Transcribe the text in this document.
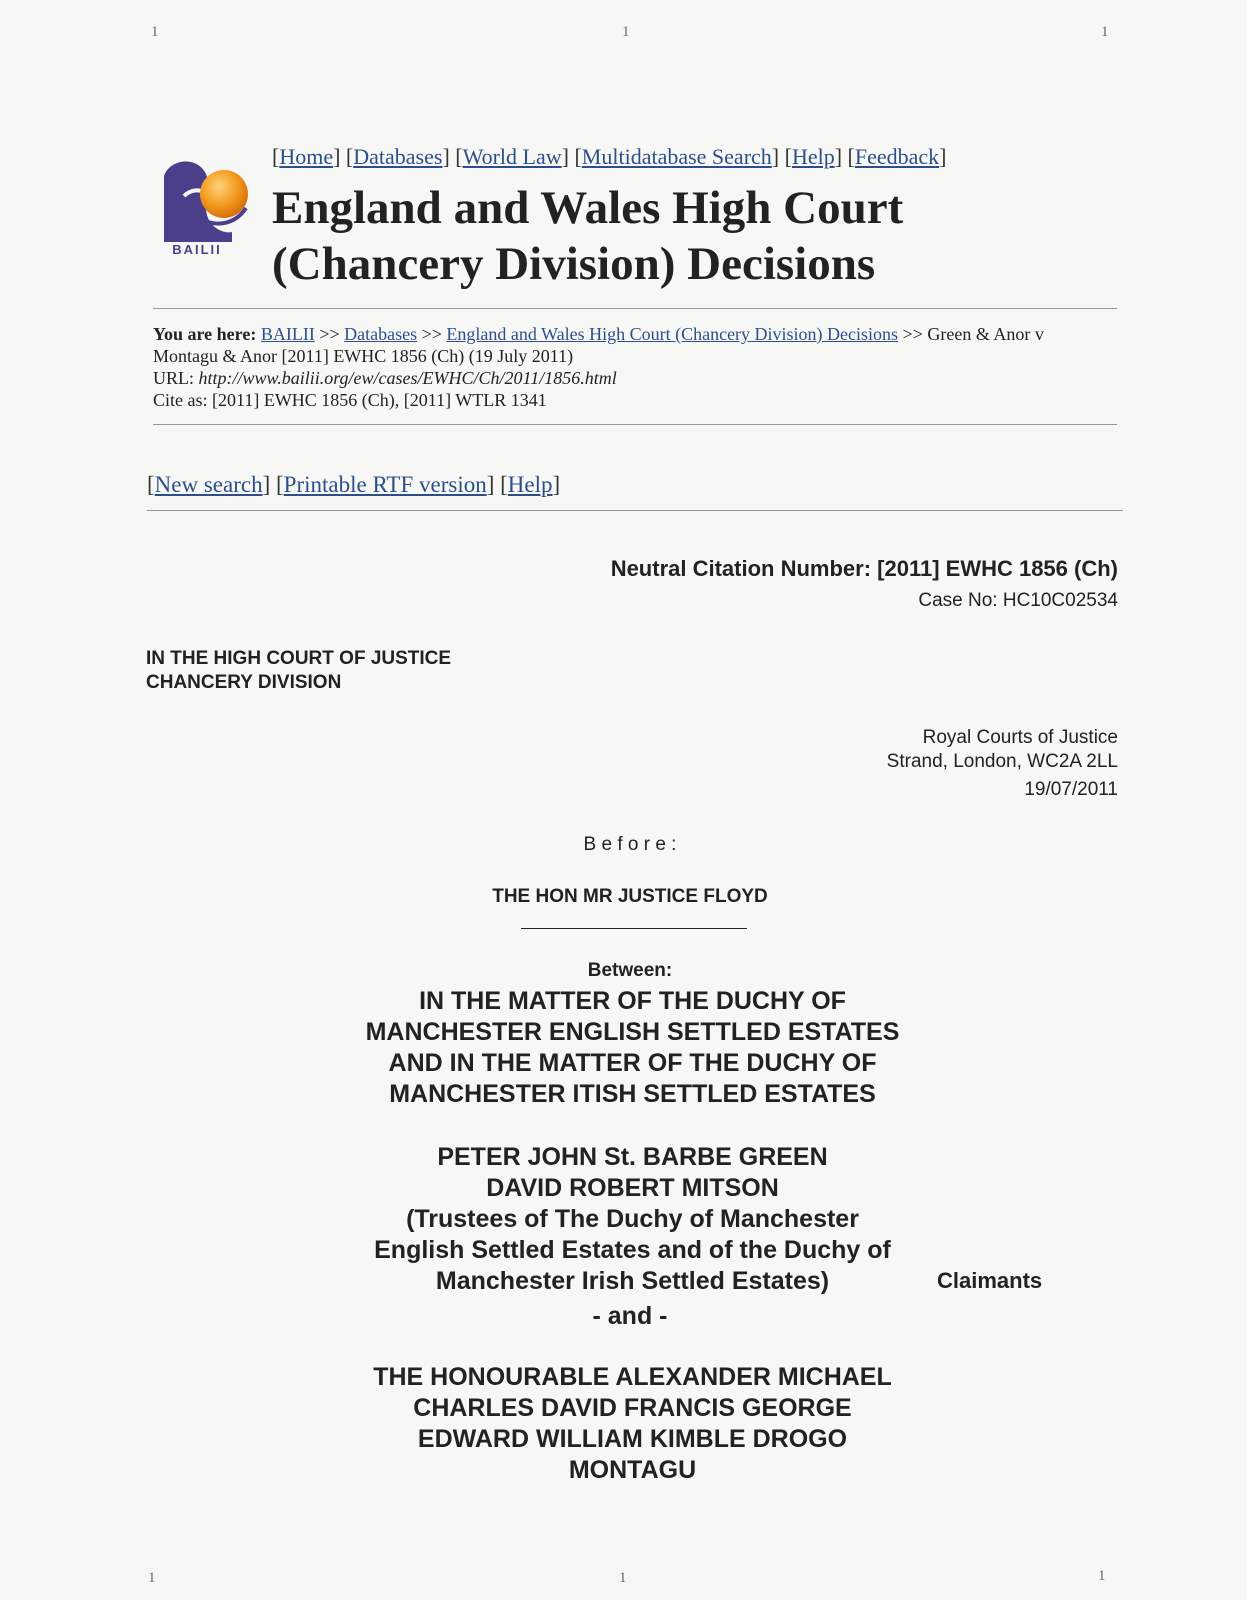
1	1	1
1	1	1
BAILII
[Home] [Databases] [World Law] [Multidatabase Search] [Help] [Feedback]
England and Wales High Court
(Chancery Division) Decisions
You are here: BAILII >> Databases >> England and Wales High Court (Chancery Division) Decisions >> Green & Anor v Montagu & Anor [2011] EWHC 1856 (Ch) (19 July 2011)
URL: http://www.bailii.org/ew/cases/EWHC/Ch/2011/1856.html
Cite as: [2011] EWHC 1856 (Ch), [2011] WTLR 1341
[New search] [Printable RTF version] [Help]
Neutral Citation Number: [2011] EWHC 1856 (Ch)
Case No: HC10C02534
IN THE HIGH COURT OF JUSTICE
CHANCERY DIVISION
Royal Courts of Justice
Strand, London, WC2A 2LL
19/07/2011
B e f o r e :
THE HON MR JUSTICE FLOYD
Between:
IN THE MATTER OF THE DUCHY OF
MANCHESTER ENGLISH SETTLED ESTATES
AND IN THE MATTER OF THE DUCHY OF
MANCHESTER ITISH SETTLED ESTATES
PETER JOHN St. BARBE GREEN
DAVID ROBERT MITSON
(Trustees of The Duchy of Manchester
English Settled Estates and of the Duchy of
Manchester Irish Settled Estates)	Claimants
- and -
THE HONOURABLE ALEXANDER MICHAEL
CHARLES DAVID FRANCIS GEORGE
EDWARD WILLIAM KIMBLE DROGO
MONTAGU
